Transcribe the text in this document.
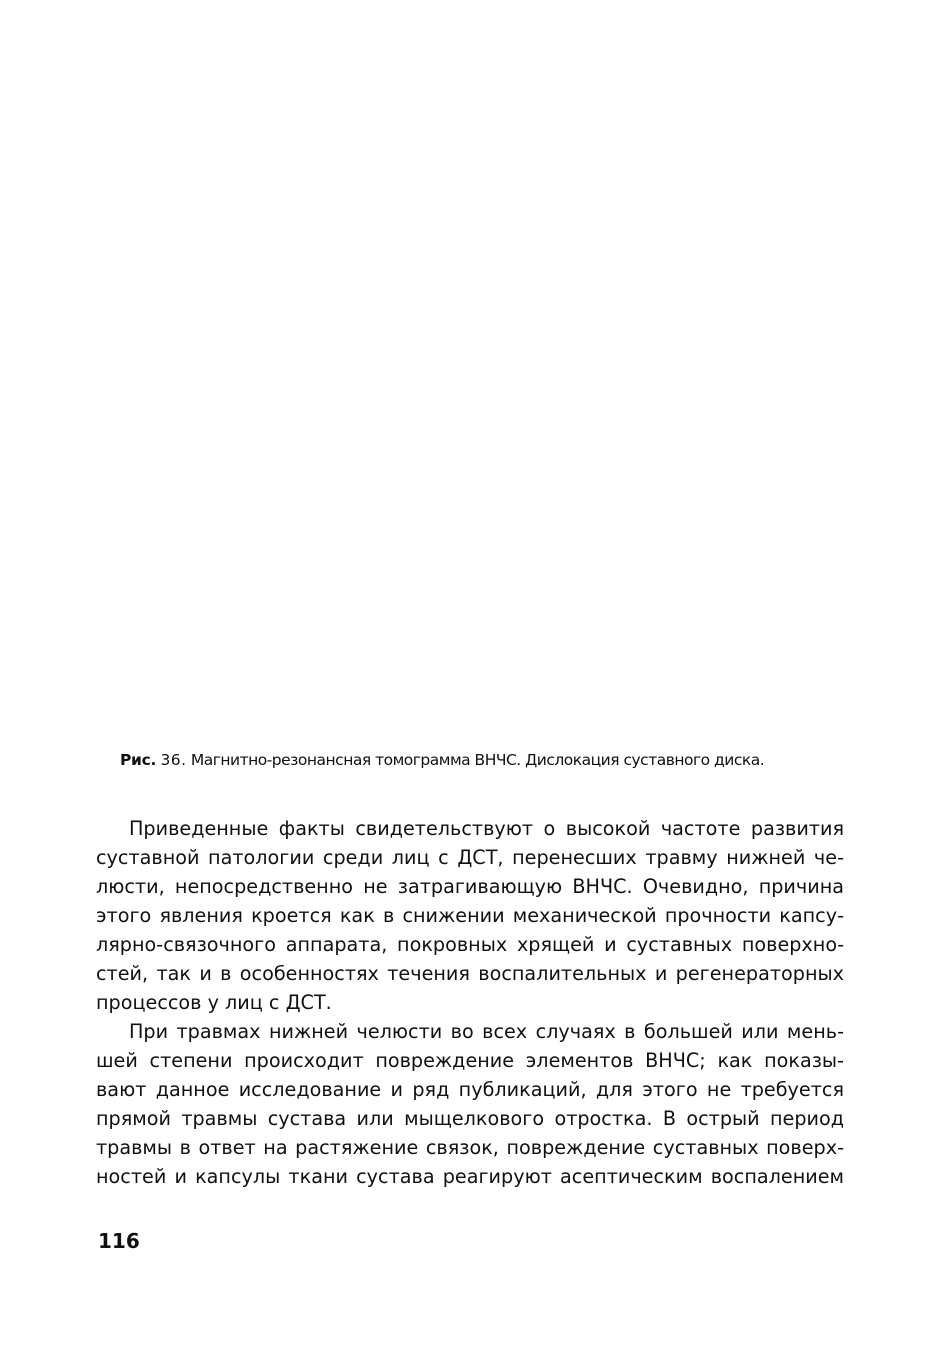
Рис. 36. Магнитно-резонансная томограмма ВНЧС. Дислокация суставного диска.
Приведенные факты свидетельствуют о высокой частоте развития
суставной патологии среди лиц с ДСТ, перенесших травму нижней че-
люсти, непосредственно не затрагивающую ВНЧС. Очевидно, причина
этого явления кроется как в снижении механической прочности капсу-
лярно-связочного аппарата, покровных хрящей и суставных поверхно-
стей, так и в особенностях течения воспалительных и регенераторных
процессов у лиц с ДСТ.
При травмах нижней челюсти во всех случаях в большей или мень-
шей степени происходит повреждение элементов ВНЧС; как показы-
вают данное исследование и ряд публикаций, для этого не требуется
прямой травмы сустава или мыщелкового отростка. В острый период
травмы в ответ на растяжение связок, повреждение суставных поверх-
ностей и капсулы ткани сустава реагируют асептическим воспалением
116
